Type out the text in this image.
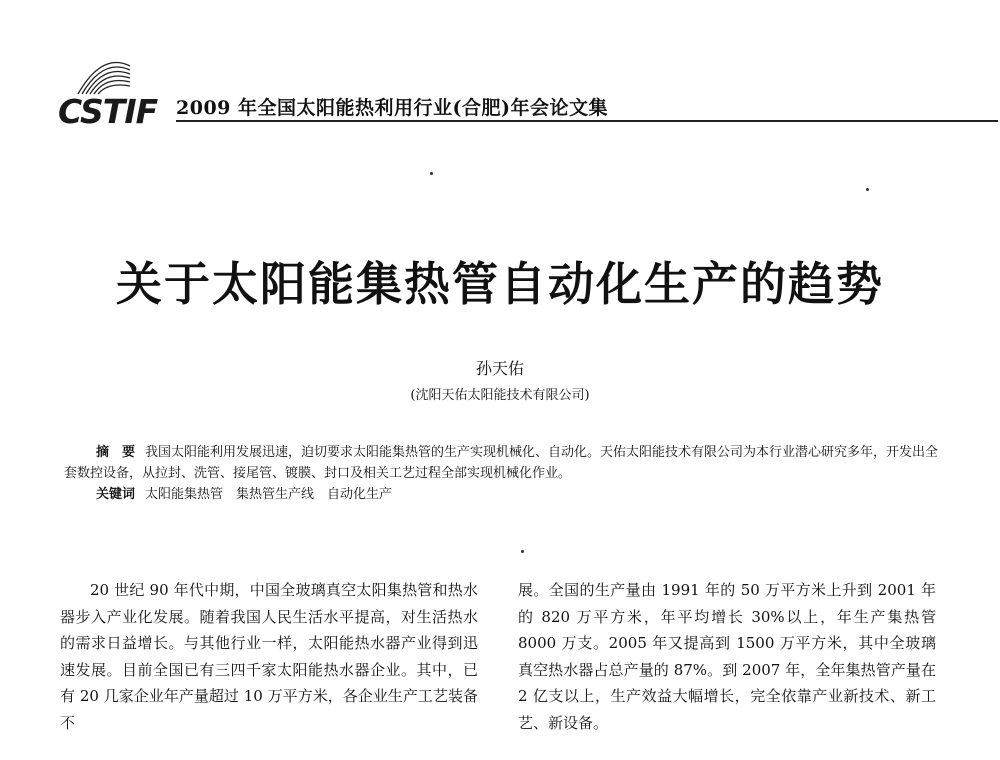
CSTIF 2009 年全国太阳能热利用行业(合肥)年会论文集
关于太阳能集热管自动化生产的趋势
孙天佑
(沈阳天佑太阳能技术有限公司)

摘　要 我国太阳能利用发展迅速，迫切要求太阳能集热管的生产实现机械化、自动化。天佑太阳能技术有限公司为本行业潜心研究多年，开发出全套数控设备，从拉封、洗管、接尾管、镀膜、封口及相关工艺过程全部实现机械化作业。

关键词 太阳能集热管　集热管生产线　自动化生产

20 世纪 90 年代中期，中国全玻璃真空太阳集热管和热水器步入产业化发展。随着我国人民生活水平提高，对生活热水的需求日益增长。与其他行业一样，太阳能热水器产业得到迅速发展。目前全国已有三四千家太阳能热水器企业。其中，已有 20 几家企业年产量超过 10 万平方米，各企业生产工艺装备不

展。全国的生产量由 1991 年的 50 万平方米上升到 2001 年的 820 万平方米，年平均增长 30%以上，年生产集热管 8000 万支。2005 年又提高到 1500 万平方米，其中全玻璃真空热水器占总产量的 87%。到 2007 年，全年集热管产量在 2 亿支以上，生产效益大幅增长，完全依靠产业新技术、新工艺、新设备。
